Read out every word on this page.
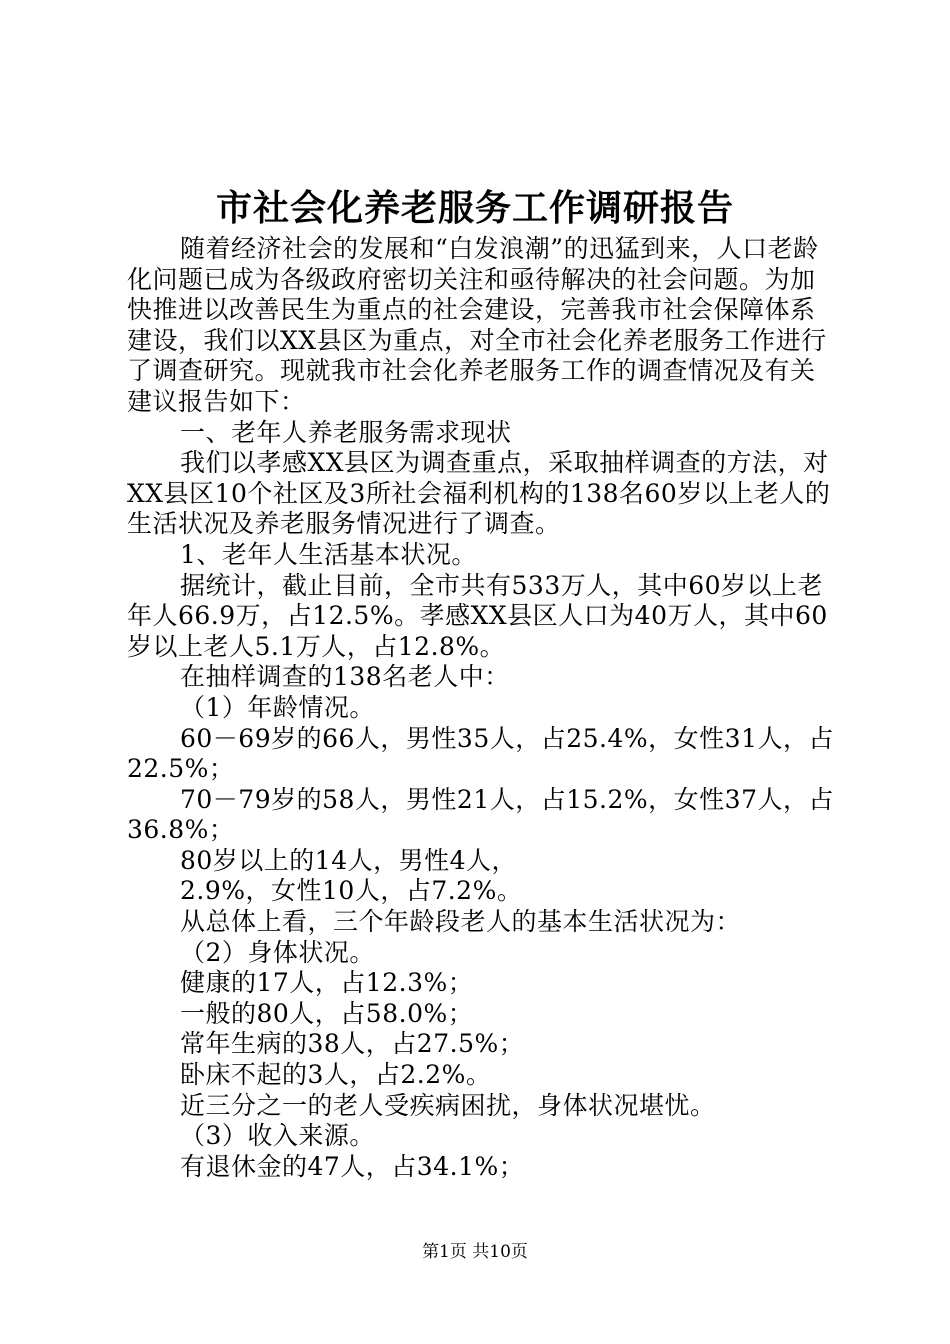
市社会化养老服务工作调研报告

随着经济社会的发展和“白发浪潮”的迅猛到来，人口老龄化问题已成为各级政府密切关注和亟待解决的社会问题。为加快推进以改善民生为重点的社会建设，完善我市社会保障体系建设，我们以XX县区为重点，对全市社会化养老服务工作进行了调查研究。现就我市社会化养老服务工作的调查情况及有关建议报告如下：

一、老年人养老服务需求现状

我们以孝感XX县区为调查重点，采取抽样调查的方法，对XX县区10个社区及3所社会福利机构的138名60岁以上老人的生活状况及养老服务情况进行了调查。

1、老年人生活基本状况。

据统计，截止目前，全市共有533万人，其中60岁以上老年人66.9万，占12.5%。孝感XX县区人口为40万人，其中60岁以上老人5.1万人，占12.8%。

在抽样调查的138名老人中：

（1）年龄情况。

60－69岁的66人，男性35人，占25.4%，女性31人，占22.5%；

70－79岁的58人，男性21人，占15.2%，女性37人，占36.8%；

80岁以上的14人，男性4人，

2.9%，女性10人，占7.2%。

从总体上看，三个年龄段老人的基本生活状况为：

（2）身体状况。

健康的17人，占12.3%；

一般的80人，占58.0%；

常年生病的38人，占27.5%；

卧床不起的3人，占2.2%。

近三分之一的老人受疾病困扰，身体状况堪忧。

（3）收入来源。

有退休金的47人，占34.1%；

第1页 共10页
